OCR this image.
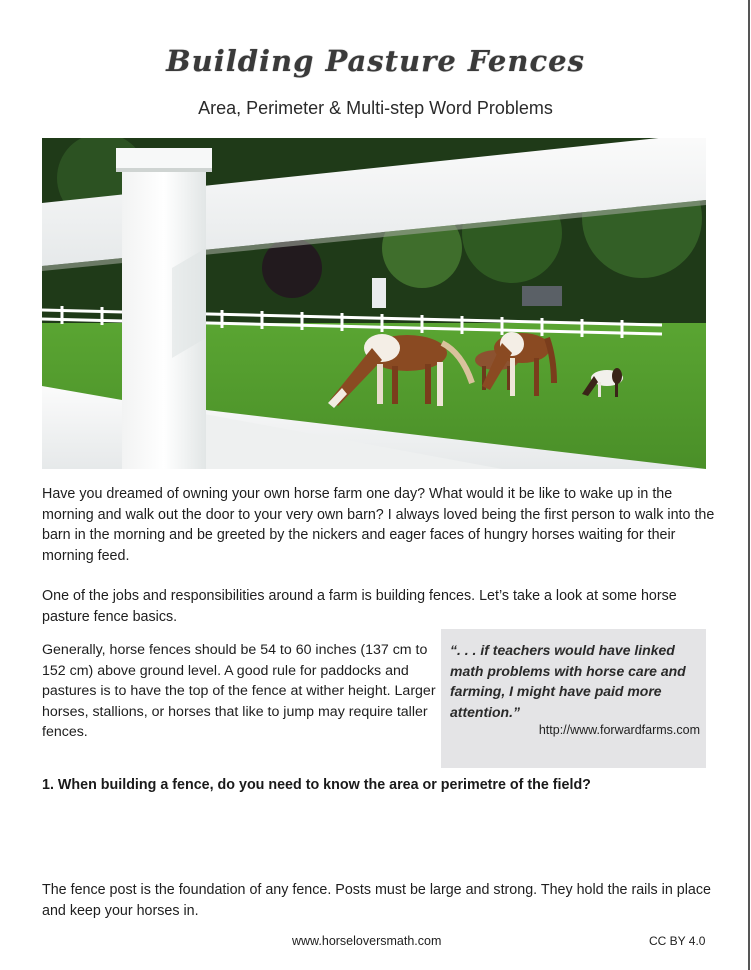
Building Pasture Fences
Area, Perimeter & Multi-step Word Problems
Have you dreamed of owning your own horse farm one day? What would it be like to wake up in the morning and walk out the door to your very own barn? I always loved being the first person to walk into the barn in the morning and be greeted by the nickers and eager faces of hungry horses waiting for their morning feed.
One of the jobs and responsibilities around a farm is building fences. Let’s take a look at some horse pasture fence basics.
Generally, horse fences should be 54 to 60 inches (137 cm to 152 cm) above ground level. A good rule for paddocks and pastures is to have the top of the fence at wither height. Larger horses, stallions, or horses that like to jump may require taller fences.
“. . . if teachers would have linked math problems with horse care and farming, I might have paid more attention.”
http://www.forwardfarms.com
1. When building a fence, do you need to know the area or perimetre of the field?
The fence post is the foundation of any fence. Posts must be large and strong. They hold the rails in place and keep your horses in.
www.horseloversmath.com	CC BY 4.0
